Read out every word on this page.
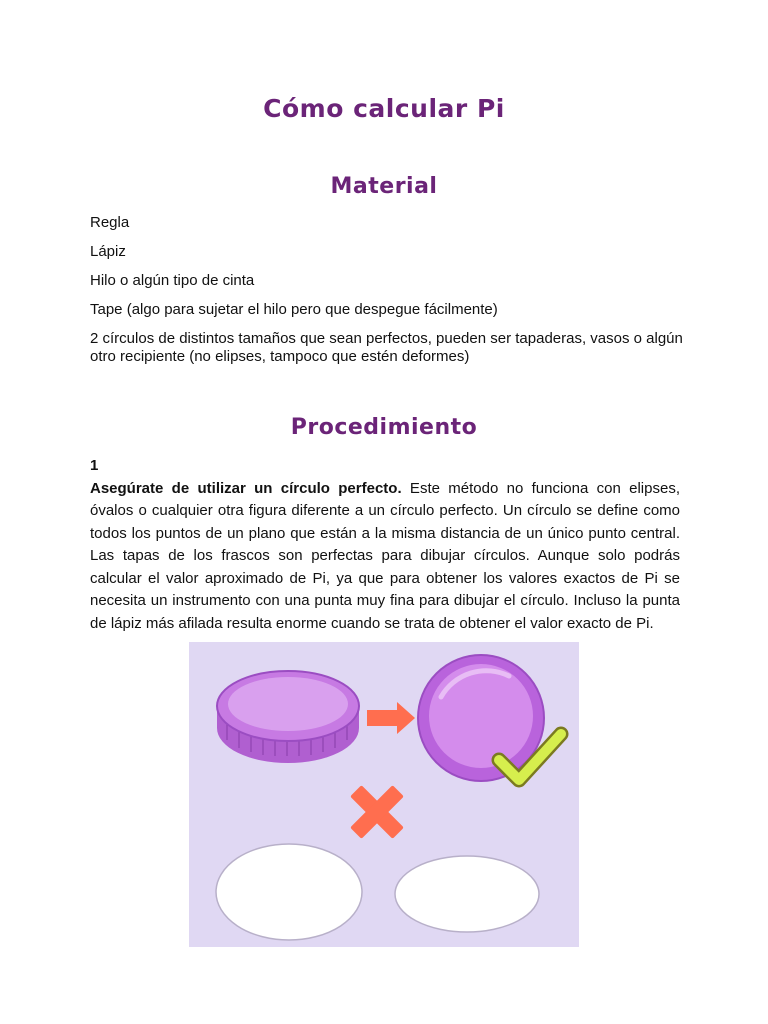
Cómo calcular Pi
Material
Regla
Lápiz
Hilo o algún tipo de cinta
Tape (algo para sujetar el hilo pero que despegue fácilmente)
2 círculos de distintos tamaños que sean perfectos, pueden ser tapaderas, vasos o algún otro recipiente (no elipses, tampoco que estén deformes)
Procedimiento
1
Asegúrate de utilizar un círculo perfecto. Este método no funciona con elipses, óvalos o cualquier otra figura diferente a un círculo perfecto. Un círculo se define como todos los puntos de un plano que están a la misma distancia de un único punto central. Las tapas de los frascos son perfectas para dibujar círculos. Aunque solo podrás calcular el valor aproximado de Pi, ya que para obtener los valores exactos de Pi se necesita un instrumento con una punta muy fina para dibujar el círculo. Incluso la punta de lápiz más afilada resulta enorme cuando se trata de obtener el valor exacto de Pi.
